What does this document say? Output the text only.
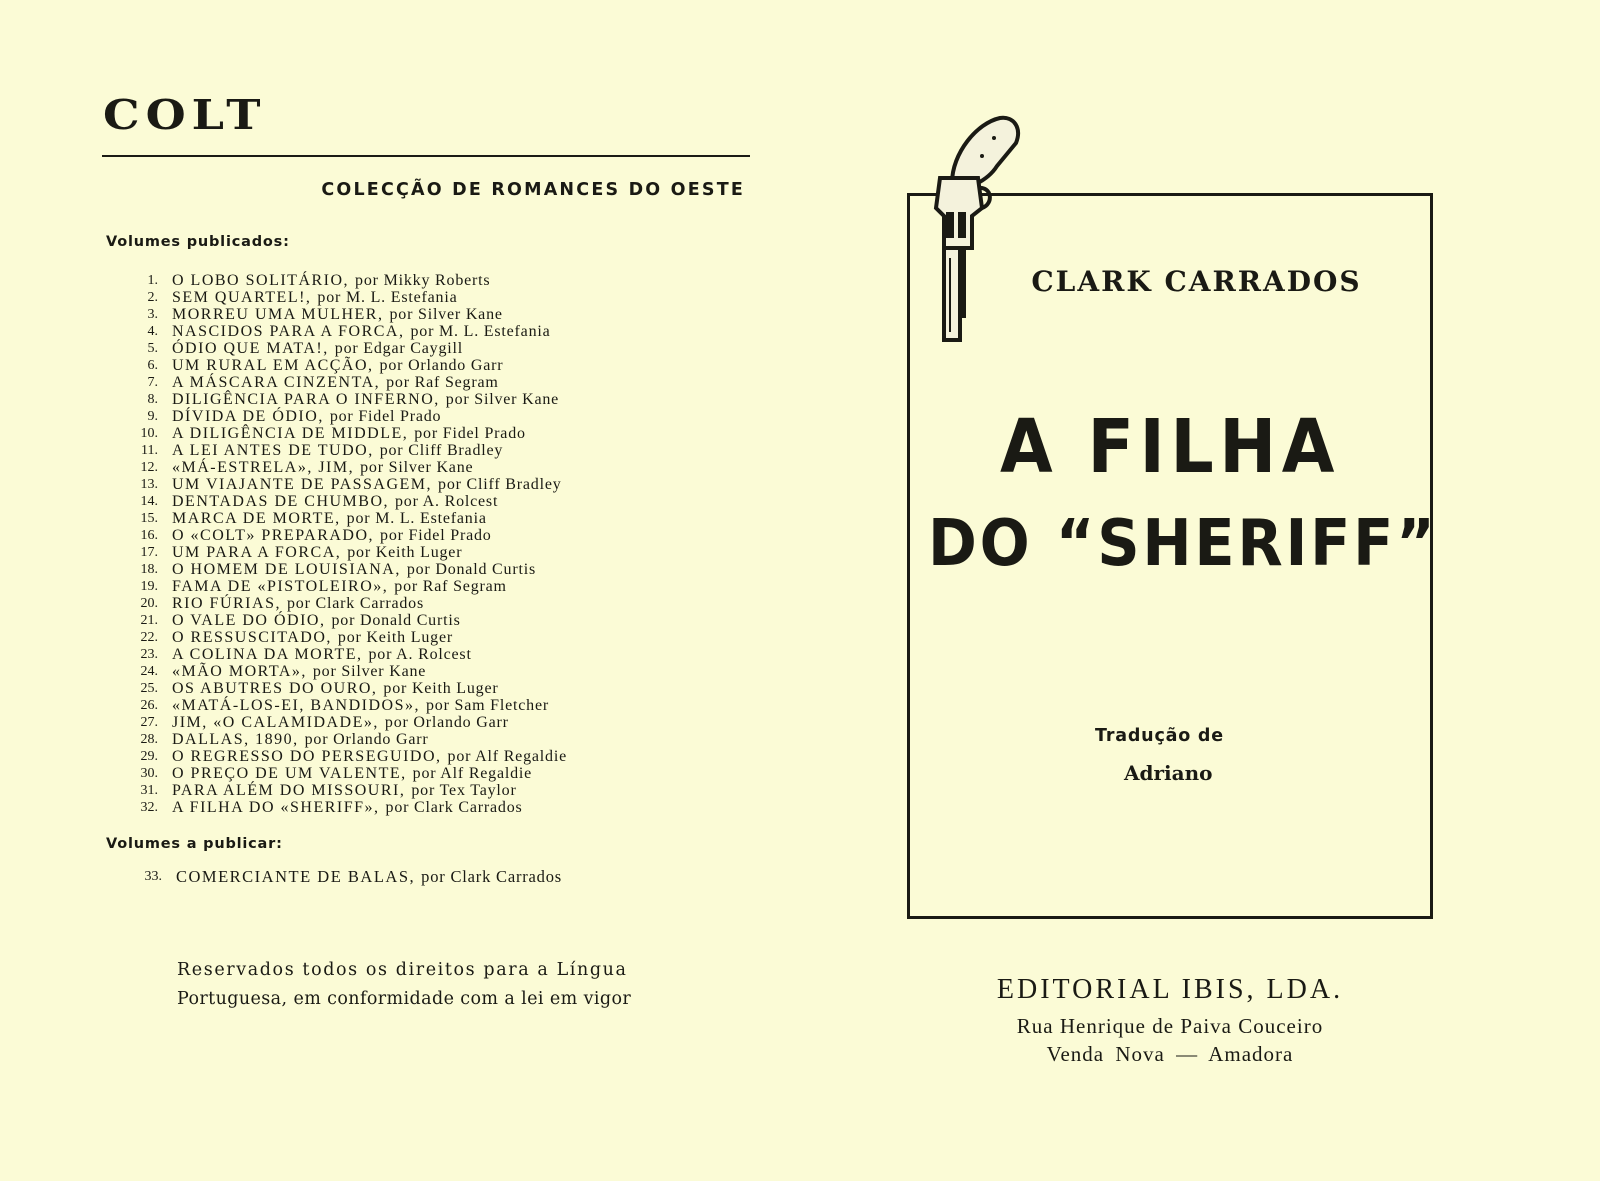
COLT
COLECÇÃO DE ROMANCES DO OESTE
Volumes publicados:
1. O LOBO SOLITÁRIO, por Mikky Roberts
2. SEM QUARTEL!, por M. L. Estefania
3. MORREU UMA MULHER, por Silver Kane
4. NASCIDOS PARA A FORCA, por M. L. Estefania
5. ÓDIO QUE MATA!, por Edgar Caygill
6. UM RURAL EM ACÇÃO, por Orlando Garr
7. A MÁSCARA CINZENTA, por Raf Segram
8. DILIGÊNCIA PARA O INFERNO, por Silver Kane
9. DÍVIDA DE ÓDIO, por Fidel Prado
10. A DILIGÊNCIA DE MIDDLE, por Fidel Prado
11. A LEI ANTES DE TUDO, por Cliff Bradley
12. «MÁ-ESTRELA», JIM, por Silver Kane
13. UM VIAJANTE DE PASSAGEM, por Cliff Bradley
14. DENTADAS DE CHUMBO, por A. Rolcest
15. MARCA DE MORTE, por M. L. Estefania
16. O «COLT» PREPARADO, por Fidel Prado
17. UM PARA A FORCA, por Keith Luger
18. O HOMEM DE LOUISIANA, por Donald Curtis
19. FAMA DE «PISTOLEIRO», por Raf Segram
20. RIO FÚRIAS, por Clark Carrados
21. O VALE DO ÓDIO, por Donald Curtis
22. O RESSUSCITADO, por Keith Luger
23. A COLINA DA MORTE, por A. Rolcest
24. «MÃO MORTA», por Silver Kane
25. OS ABUTRES DO OURO, por Keith Luger
26. «MATÁ-LOS-EI, BANDIDOS», por Sam Fletcher
27. JIM, «O CALAMIDADE», por Orlando Garr
28. DALLAS, 1890, por Orlando Garr
29. O REGRESSO DO PERSEGUIDO, por Alf Regaldie
30. O PREÇO DE UM VALENTE, por Alf Regaldie
31. PARA ALÉM DO MISSOURI, por Tex Taylor
32. A FILHA DO «SHERIFF», por Clark Carrados
Volumes a publicar:
33. COMERCIANTE DE BALAS, por Clark Carrados
Reservados todos os direitos para a Língua
Portuguesa, em conformidade com a lei em vigor
CLARK CARRADOS
A FILHA
DO “SHERIFF”
Tradução de
Adriano
EDITORIAL IBIS, LDA.
Rua Henrique de Paiva Couceiro
Venda Nova — Amadora
